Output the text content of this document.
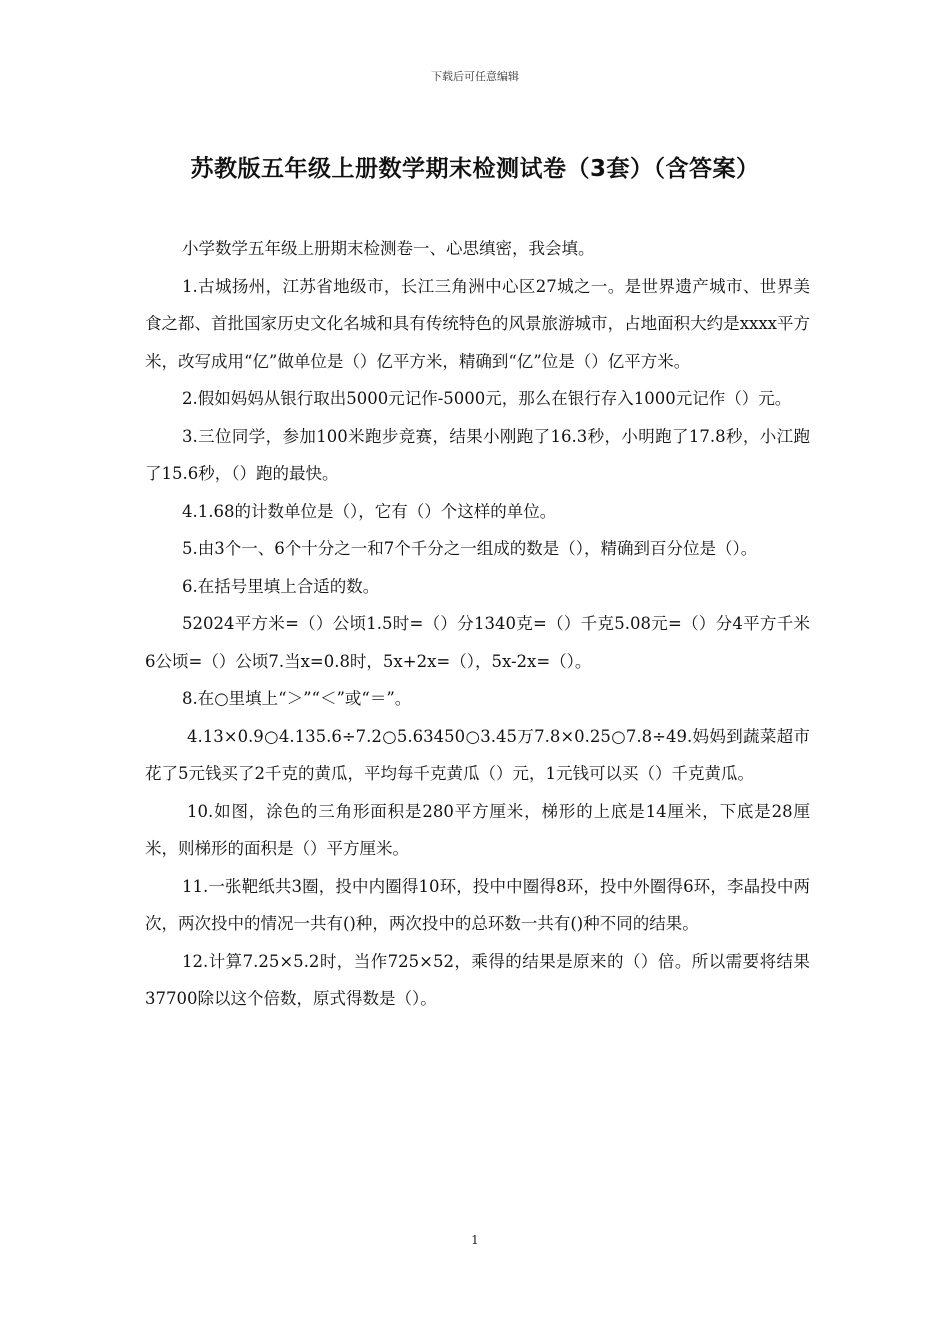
下载后可任意编辑
苏教版五年级上册数学期末检测试卷（3套）（含答案）

小学数学五年级上册期末检测卷一、心思缜密，我会填。

1.古城扬州，江苏省地级市，长江三角洲中心区27城之一。是世界遗产城市、世界美食之都、首批国家历史文化名城和具有传统特色的风景旅游城市，占地面积大约是xxxx平方米，改写成用“亿”做单位是（）亿平方米，精确到“亿”位是（）亿平方米。

2.假如妈妈从银行取出5000元记作-5000元，那么在银行存入1000元记作（）元。

3.三位同学，参加100米跑步竞赛，结果小刚跑了16.3秒，小明跑了17.8秒，小江跑了15.6秒，（）跑的最快。

4.1.68的计数单位是（），它有（）个这样的单位。

5.由3个一、6个十分之一和7个千分之一组成的数是（），精确到百分位是（）。

6.在括号里填上合适的数。

52024平方米=（）公顷1.5时=（）分1340克=（）千克5.08元=（）分4平方千米6公顷=（）公顷7.当x=0.8时，5x+2x=（），5x-2x=（）。

8.在○里填上“＞”“＜”或“＝”。

4.13×0.9○4.135.6÷7.2○5.63450○3.45万7.8×0.25○7.8÷49.妈妈到蔬菜超市花了5元钱买了2千克的黄瓜，平均每千克黄瓜（）元，1元钱可以买（）千克黄瓜。

10.如图，涂色的三角形面积是280平方厘米，梯形的上底是14厘米，下底是28厘米，则梯形的面积是（）平方厘米。

11.一张靶纸共3圈，投中内圈得10环，投中中圈得8环，投中外圈得6环，李晶投中两次，两次投中的情况一共有()种，两次投中的总环数一共有()种不同的结果。

12.计算7.25×5.2时，当作725×52，乘得的结果是原来的（）倍。所以需要将结果37700除以这个倍数，原式得数是（）。

1
